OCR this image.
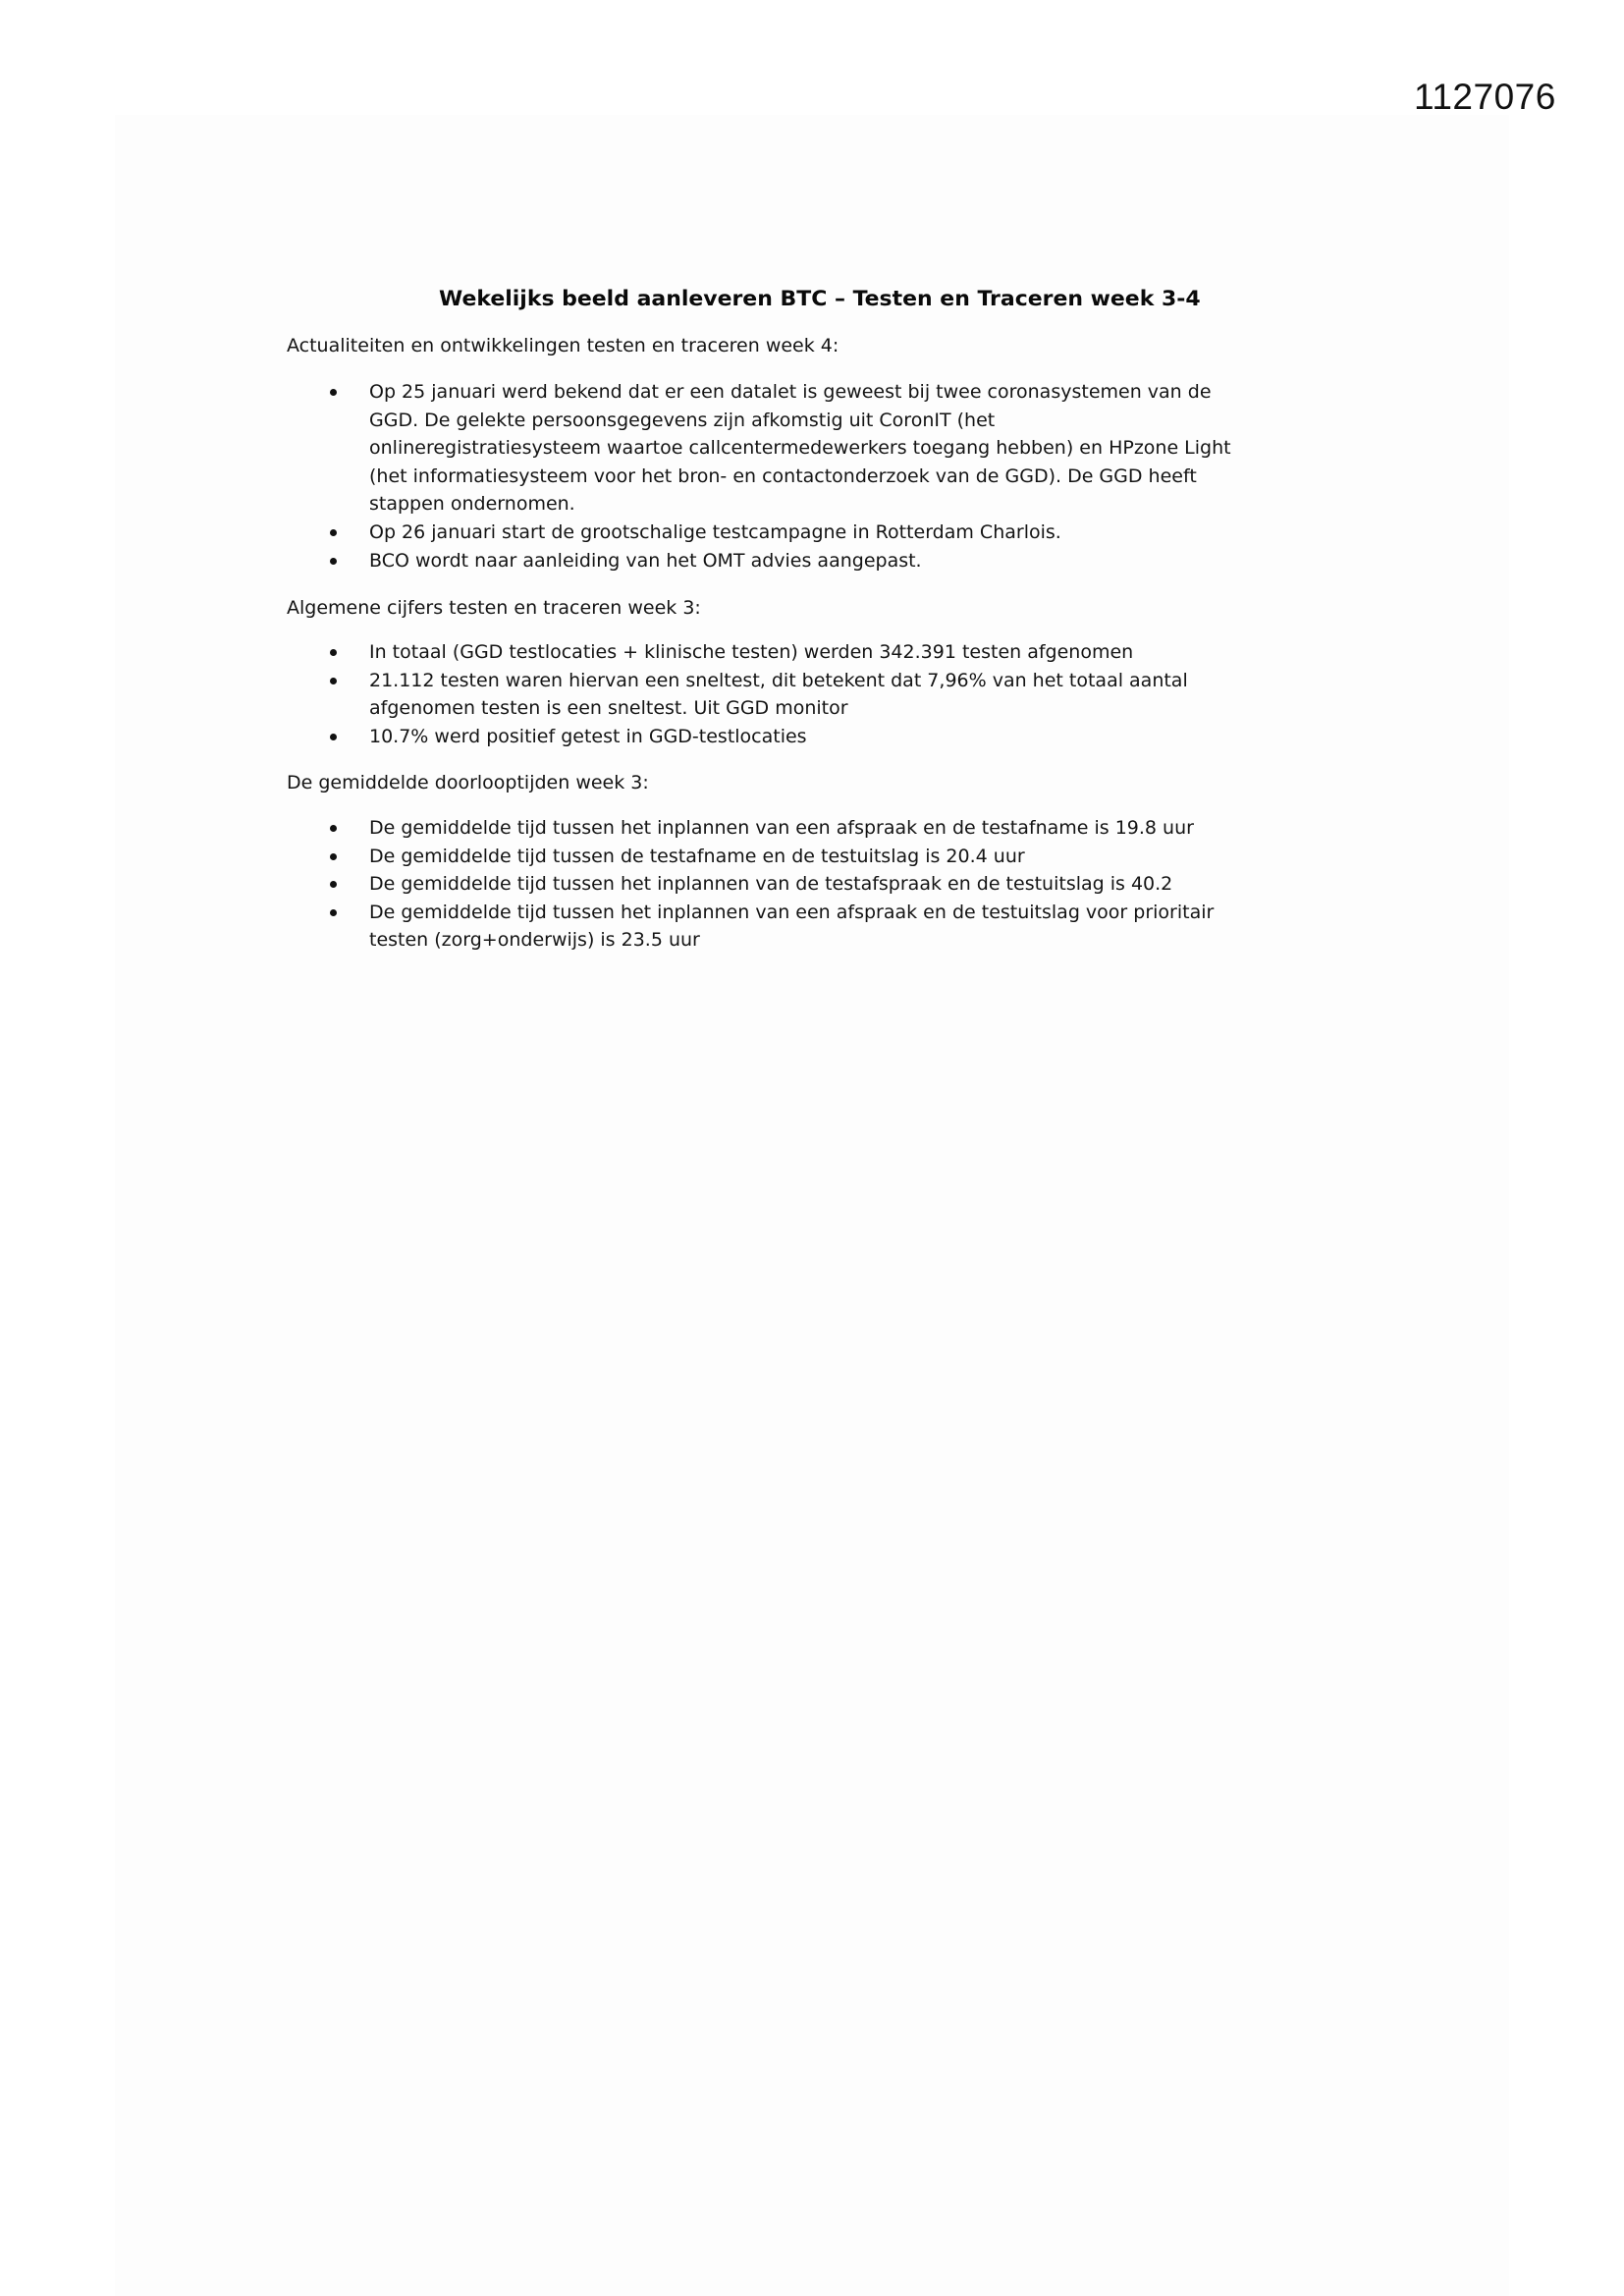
1127076
Wekelijks beeld aanleveren BTC – Testen en Traceren week 3-4
Actualiteiten en ontwikkelingen testen en traceren week 4:
Op 25 januari werd bekend dat er een datalet is geweest bij twee coronasystemen van de
GGD. De gelekte persoonsgegevens zijn afkomstig uit CoronIT (het
onlineregistratiesysteem waartoe callcentermedewerkers toegang hebben) en HPzone Light
(het informatiesysteem voor het bron- en contactonderzoek van de GGD). De GGD heeft
stappen ondernomen.
Op 26 januari start de grootschalige testcampagne in Rotterdam Charlois.
BCO wordt naar aanleiding van het OMT advies aangepast.
Algemene cijfers testen en traceren week 3:
In totaal (GGD testlocaties + klinische testen) werden 342.391 testen afgenomen
21.112 testen waren hiervan een sneltest, dit betekent dat 7,96% van het totaal aantal
afgenomen testen is een sneltest. Uit GGD monitor
10.7% werd positief getest in GGD-testlocaties
De gemiddelde doorlooptijden week 3:
De gemiddelde tijd tussen het inplannen van een afspraak en de testafname is 19.8 uur
De gemiddelde tijd tussen de testafname en de testuitslag is 20.4 uur
De gemiddelde tijd tussen het inplannen van de testafspraak en de testuitslag is 40.2
De gemiddelde tijd tussen het inplannen van een afspraak en de testuitslag voor prioritair
testen (zorg+onderwijs) is 23.5 uur
